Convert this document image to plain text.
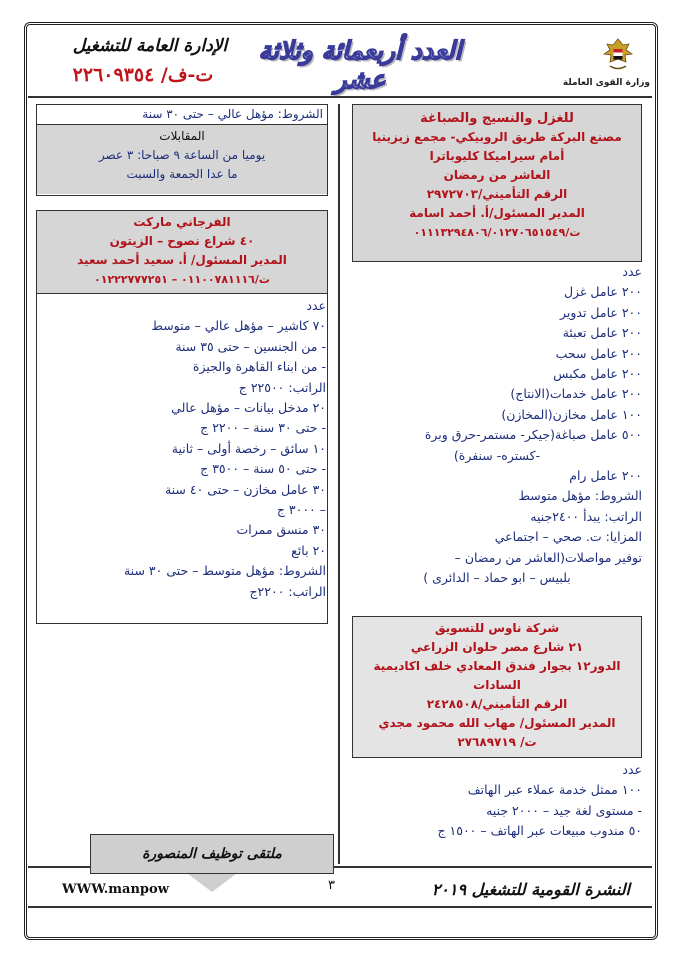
وزارة القوى العاملة
العدد أربعمائة وثلاثة عشر
الإدارة العامة للتشغيل
ت-ف/ ٢٢٦٠٩٣٥٤
للغزل والنسيج والصباغة
مصنع البركة طريق الروبيكي- مجمع زيزينيا
أمام سيراميكا كليوباترا
العاشر من رمضان
الرقم التأميني/٢٩٧٢٧٠٣
المدير المسئول/أ. أحمد اسامة
ت/٠١١١٣٢٩٤٨٠٦/٠١٢٧٠٦٥١٥٤٩
عدد
٢٠٠ عامل غزل
٢٠٠ عامل تدوير
٢٠٠ عامل تعبئة
٢٠٠ عامل سحب
٢٠٠ عامل مكبس
٢٠٠ عامل خدمات(الانتاج)
١٠٠ عامل مخازن(المخازن)
٥٠٠ عامل صباغة(جيكر- مستمر-حرق وبرة
-كستره- سنفرة)
٢٠٠ عامل رام
الشروط: مؤهل متوسط
الراتب: يبدأ ٢٤٠٠جنيه
المزايا: ت. صحي – اجتماعي
توفير مواصلات(العاشر من رمضان –
بلبيس – ابو حماد – الدائرى )
شركة ناوس للتسويق
٢١ شارع مصر حلوان الزراعي
الدور١٢ بجوار فندق المعادي خلف اكاديمية
السادات
الرقم التأميني/٢٤٢٨٥٠٨
المدير المسئول/ مهاب الله محمود مجدي
ت/ ٢٧٦٨٩٧١٩
عدد
١٠٠ ممثل خدمة عملاء عبر الهاتف
- مستوى لغة جيد – ٢٠٠٠ جنيه
٥٠ مندوب مبيعات عبر الهاتف – ١٥٠٠ ج
الشروط: مؤهل عالي – حتى ٣٠ سنة
المقابلات
يوميا من الساعة ٩ صباحا: ٣ عصر
ما عدا الجمعة والسبت
الفرجاني ماركت
٤٠ شراع نصوح – الزيتون
المدير المسئول/ أ. سعيد أحمد سعيد
ت/٠١١٠٠٧٨١١١٦ – ٠١٢٢٢٧٧٧٢٥١
عدد
٧٠ كاشير – مؤهل عالي – متوسط
- من الجنسين – حتى ٣٥ سنة
- من ابناء القاهرة والجيزة
الراتب: ٢٢٥٠٠ ج
٢٠ مدخل بيانات – مؤهل عالي
- حتى ٣٠ سنة – ٢٢٠٠ ج
١٠ سائق – رخصة أولى – ثانية
- حتى ٥٠ سنة – ٣٥٠٠ ج
٣٠ عامل مخازن – حتى ٤٠ سنة
– ٣٠٠٠ ج
٣٠ منسق ممرات
٢٠ بائع
الشروط: مؤهل متوسط – حتى ٣٠ سنة
الراتب: ٢٢٠٠ج
ملتقى توظيف المنصورة
WWW.manpow	٣	النشرة القومية للتشغيل ٢٠١٩
